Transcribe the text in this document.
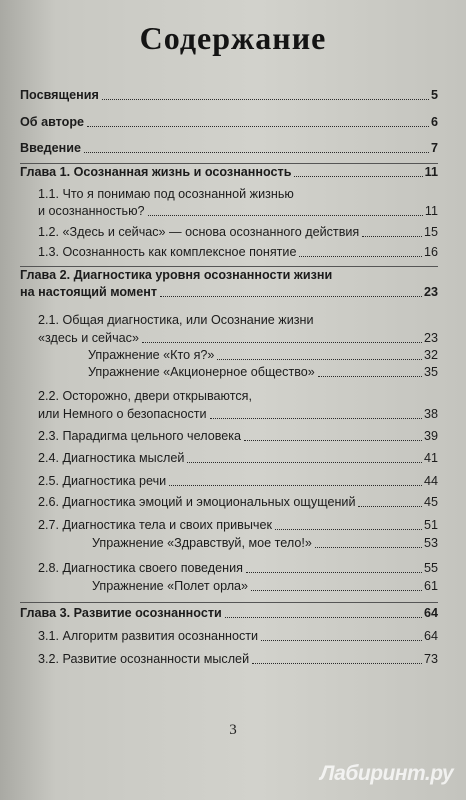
Содержание
Посвящения	5
Об авторе	6
Введение	7
Глава 1. Осознанная жизнь и осознанность	11
1.1. Что я понимаю под осознанной жизнью
и осознанностью?	11
1.2. «Здесь и сейчас» — основа осознанного действия	15
1.3. Осознанность как комплексное понятие	16
Глава 2. Диагностика уровня осознанности жизни
на настоящий момент	23
2.1. Общая диагностика, или Осознание жизни
«здесь и сейчас»	23
Упражнение «Кто я?»	32
Упражнение «Акционерное общество»	35
2.2. Осторожно, двери открываются,
или Немного о безопасности	38
2.3. Парадигма цельного человека	39
2.4. Диагностика мыслей	41
2.5. Диагностика речи	44
2.6. Диагностика эмоций и эмоциональных ощущений	45
2.7. Диагностика тела и своих привычек	51
Упражнение «Здравствуй, мое тело!»	53
2.8. Диагностика своего поведения	55
Упражнение «Полет орла»	61
Глава 3. Развитие осознанности	64
3.1. Алгоритм развития осознанности	64
3.2. Развитие осознанности мыслей	73
3
Лабиринт.ру
